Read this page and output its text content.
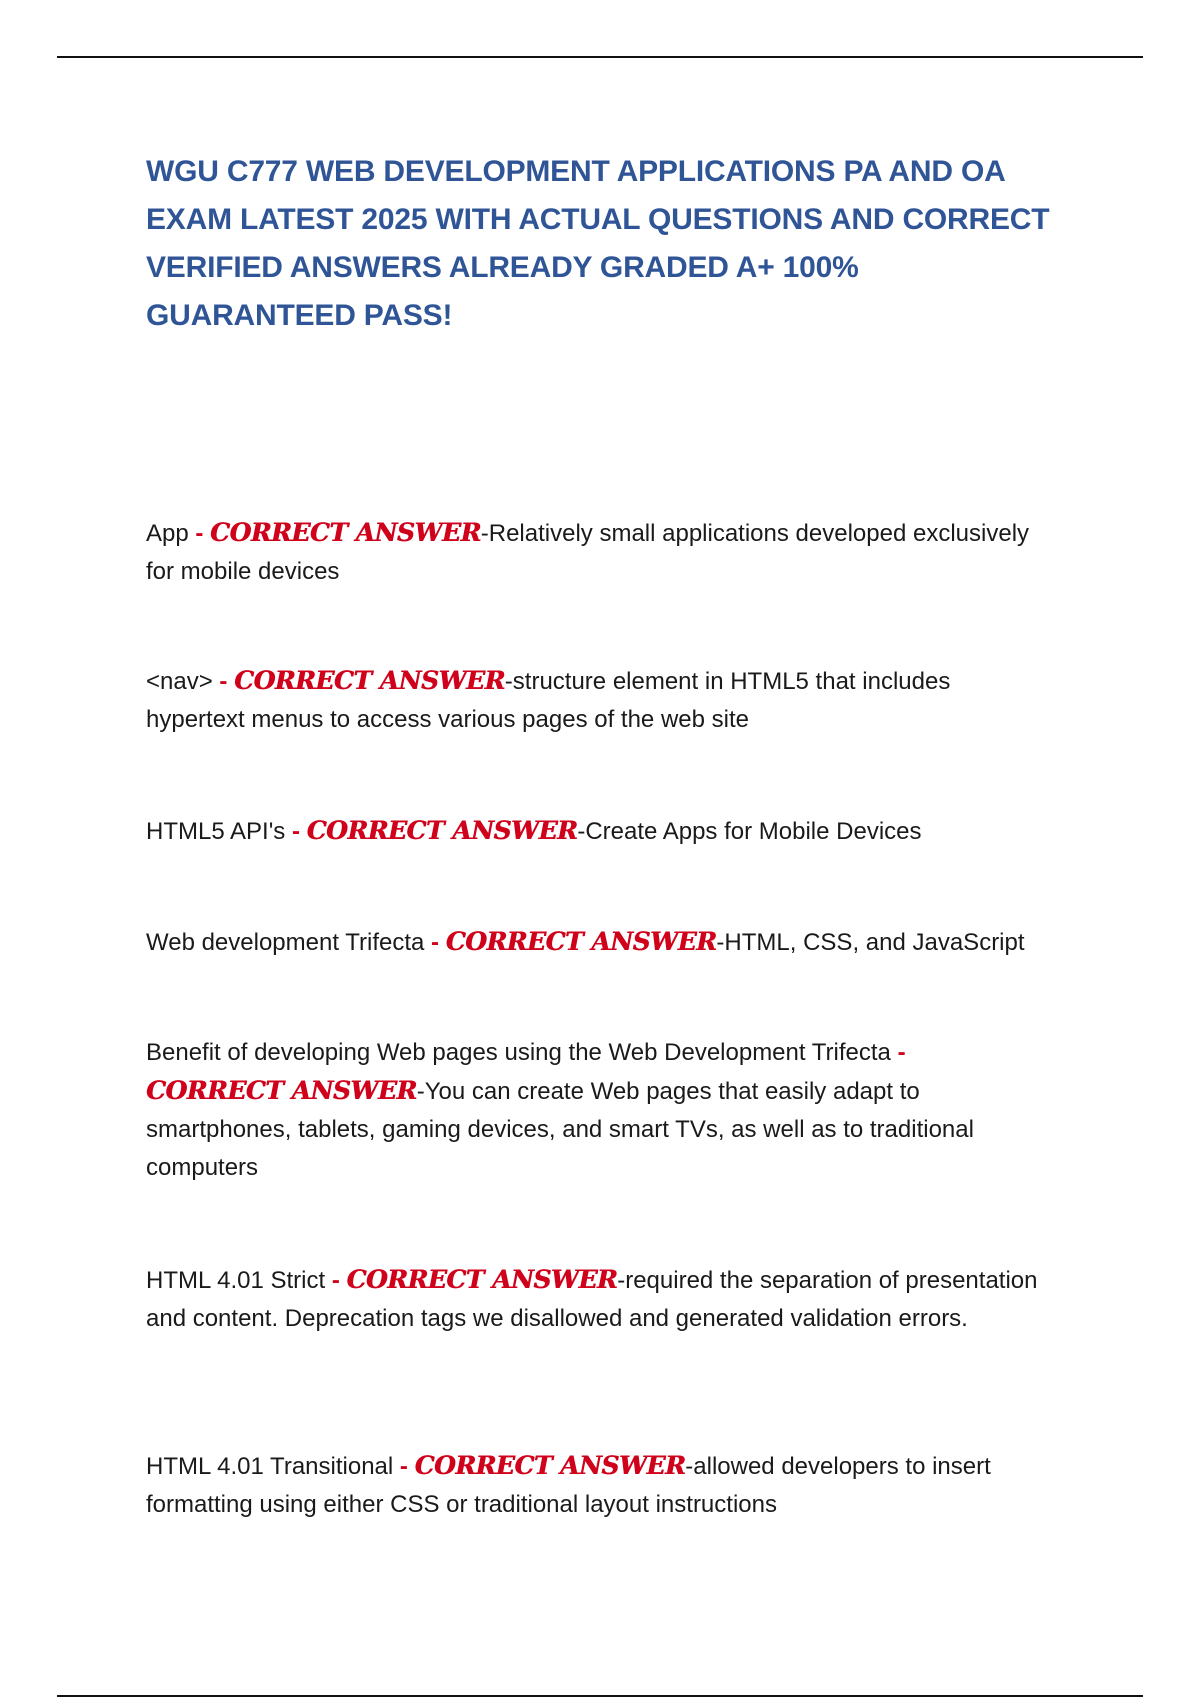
WGU C777 WEB DEVELOPMENT APPLICATIONS PA AND OA EXAM LATEST 2025 WITH ACTUAL QUESTIONS AND CORRECT VERIFIED ANSWERS ALREADY GRADED A+ 100% GUARANTEED PASS!
App - CORRECT ANSWER-Relatively small applications developed exclusively for mobile devices
<nav> - CORRECT ANSWER-structure element in HTML5 that includes hypertext menus to access various pages of the web site
HTML5 API's - CORRECT ANSWER-Create Apps for Mobile Devices
Web development Trifecta - CORRECT ANSWER-HTML, CSS, and JavaScript
Benefit of developing Web pages using the Web Development Trifecta - CORRECT ANSWER-You can create Web pages that easily adapt to smartphones, tablets, gaming devices, and smart TVs, as well as to traditional computers
HTML 4.01 Strict - CORRECT ANSWER-required the separation of presentation and content. Deprecation tags we disallowed and generated validation errors.
HTML 4.01 Transitional - CORRECT ANSWER-allowed developers to insert formatting using either CSS or traditional layout instructions
